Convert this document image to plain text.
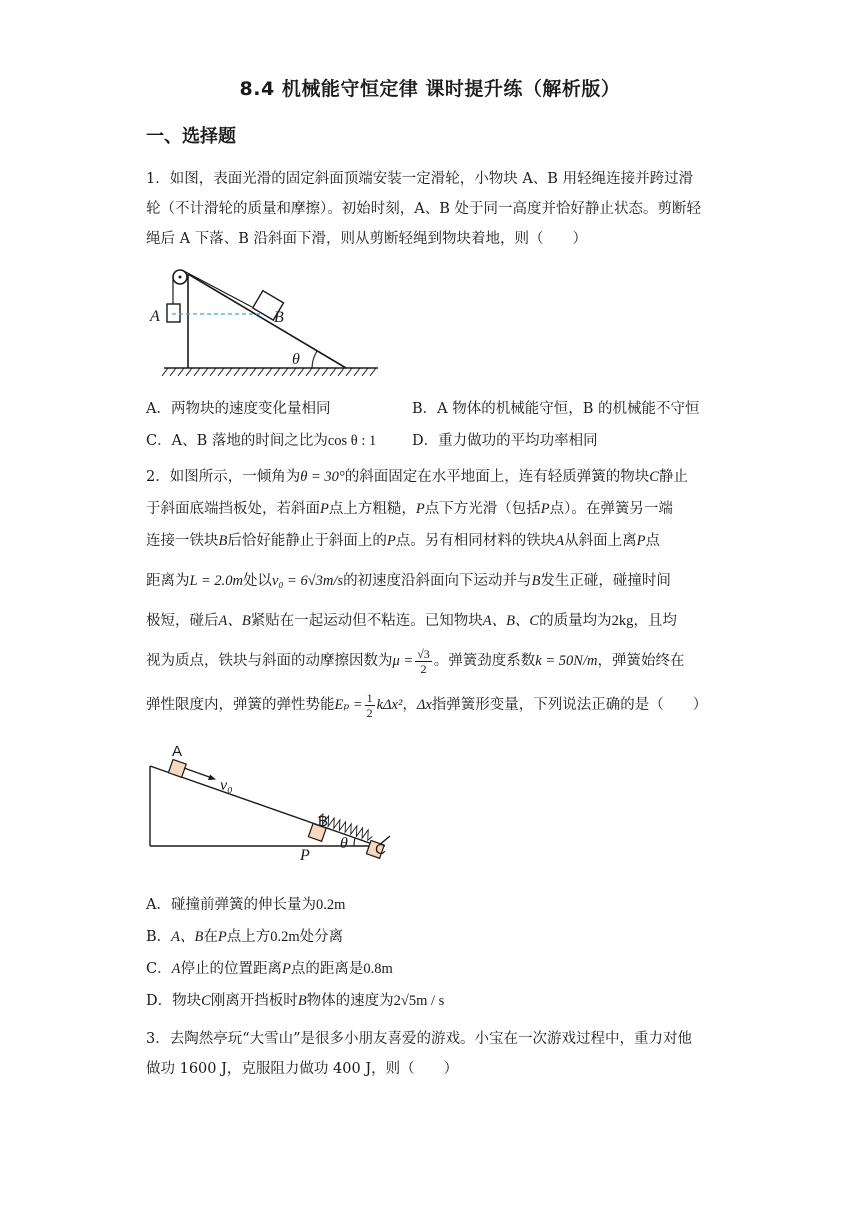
8.4 机械能守恒定律 课时提升练（解析版）
一、选择题
1．如图，表面光滑的固定斜面顶端安装一定滑轮，小物块 A、B 用轻绳连接并跨过滑
轮（不计滑轮的质量和摩擦）。初始时刻，A、B 处于同一高度并恰好静止状态。剪断轻
绳后 A 下落、B 沿斜面下滑，则从剪断轻绳到物块着地，则（　　）
A	B
θ
A．两物块的速度变化量相同	B．A 物体的机械能守恒，B 的机械能不守恒
C．A、B 落地的时间之比为cos θ : 1 D．重力做功的平均功率相同
2．如图所示，一倾角为θ = 30°的斜面固定在水平地面上，连有轻质弹簧的物块C静止
于斜面底端挡板处，若斜面P点上方粗糙，P点下方光滑（包括P点）。在弹簧另一端
连接一铁块B后恰好能静止于斜面上的P点。另有相同材料的铁块A从斜面上离P点
距离为L = 2.0m处以v₀ = 6√3m/s的初速度沿斜面向下运动并与B发生正碰，碰撞时间
极短，碰后A、B紧贴在一起运动但不粘连。已知物块A、B、C的质量均为2kg，且均
视为质点，铁块与斜面的动摩擦因数为$\mu = \frac{√3}{2}$ 。弹簧劲度系数k = 50N/m，弹簧始终在
弹性限度内，弹簧的弹性势能$E_p = \frac{1}{2} k\Delta x^2$，Δx指弹簧形变量，下列说法正确的是（　　）
A
v₀
B
P	C
θ
A．碰撞前弹簧的伸长量为0.2m
B．A、B在P点上方0.2m处分离
C．A停止的位置距离P点的距离是0.8m
D．物块C刚离开挡板时B物体的速度为2√5m / s
3．去陶然亭玩“大雪山”是很多小朋友喜爱的游戏。小宝在一次游戏过程中，重力对他
做功 1600 J，克服阻力做功 400 J，则（　　）
